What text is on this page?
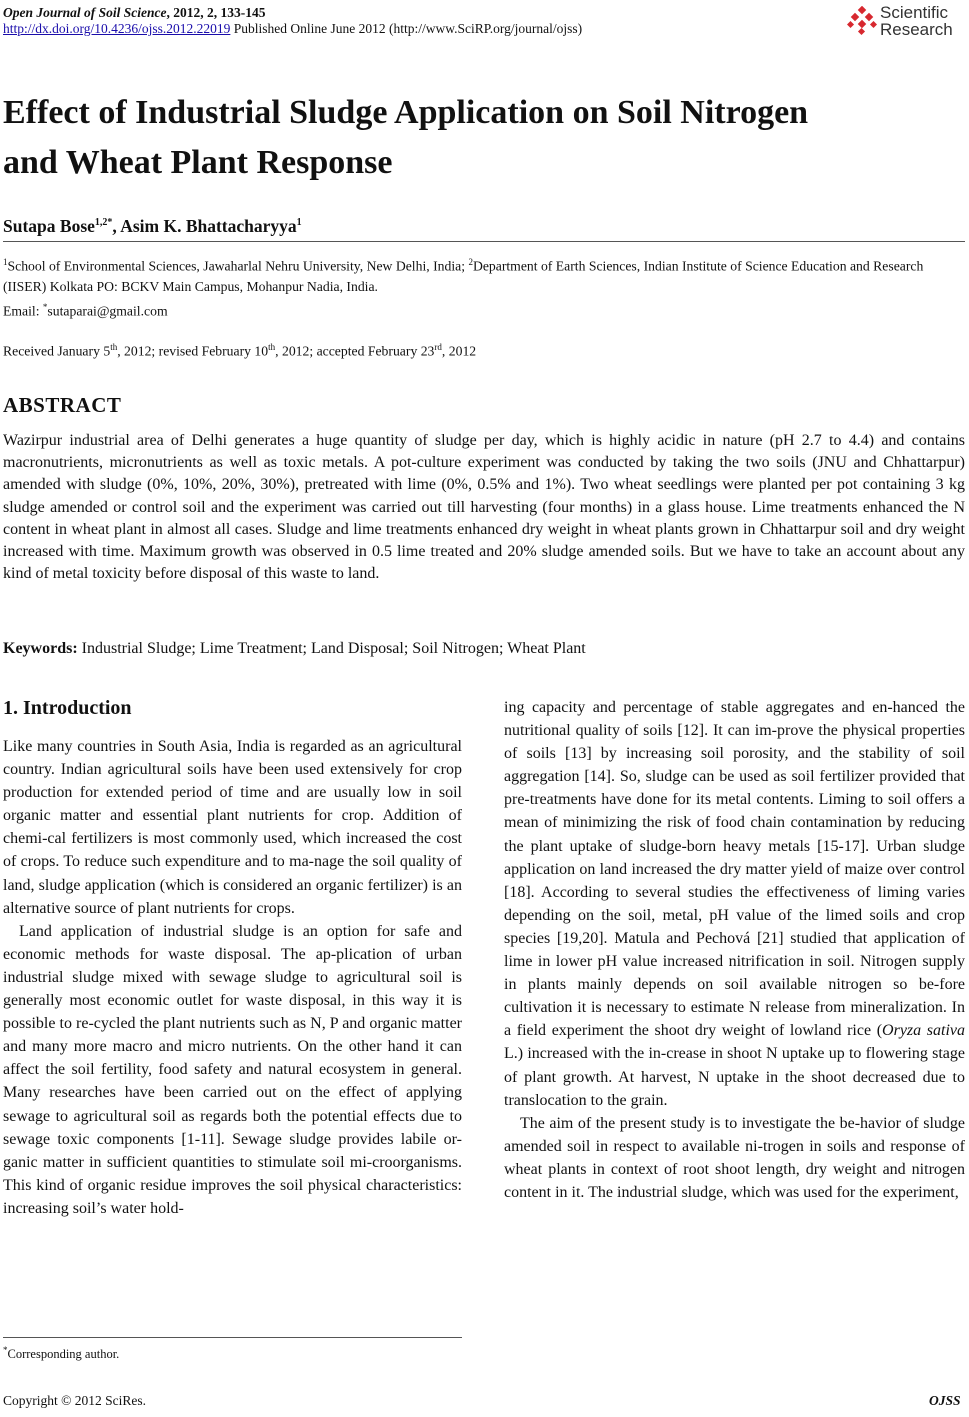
Open Journal of Soil Science, 2012, 2, 133-145
http://dx.doi.org/10.4236/ojss.2012.22019 Published Online June 2012 (http://www.SciRP.org/journal/ojss)
Scientific
Research
Effect of Industrial Sludge Application on Soil Nitrogen
and Wheat Plant Response
Sutapa Bose$^{1,2*}$, Asim K. Bhattacharyya$^1$
$^1$School of Environmental Sciences, Jawaharlal Nehru University, New Delhi, India; $^2$Department of Earth Sciences, Indian Institute of Science Education and Research (IISER) Kolkata PO: BCKV Main Campus, Mohanpur Nadia, India.
Email: *sutaparai@gmail.com
Received January 5th, 2012; revised February 10th, 2012; accepted February 23rd, 2012
ABSTRACT

Wazirpur industrial area of Delhi generates a huge quantity of sludge per day, which is highly acidic in nature (pH 2.7 to 4.4) and contains macronutrients, micronutrients as well as toxic metals. A pot-culture experiment was conducted by taking the two soils (JNU and Chhattarpur) amended with sludge (0%, 10%, 20%, 30%), pretreated with lime (0%, 0.5% and 1%). Two wheat seedlings were planted per pot containing 3 kg sludge amended or control soil and the experiment was carried out till harvesting (four months) in a glass house. Lime treatments enhanced the N content in wheat plant in almost all cases. Sludge and lime treatments enhanced dry weight in wheat plants grown in Chhattarpur soil and dry weight increased with time. Maximum growth was observed in 0.5 lime treated and 20% sludge amended soils. But we have to take an account about any kind of metal toxicity before disposal of this waste to land.

Keywords: Industrial Sludge; Lime Treatment; Land Disposal; Soil Nitrogen; Wheat Plant
1. Introduction

Like many countries in South Asia, India is regarded as an agricultural country. Indian agricultural soils have been used extensively for crop production for extended period of time and are usually low in soil organic matter and essential plant nutrients for crop. Addition of chemi-cal fertilizers is most commonly used, which increased the cost of crops. To reduce such expenditure and to ma-nage the soil quality of land, sludge application (which is considered an organic fertilizer) is an alternative source of plant nutrients for crops.

Land application of industrial sludge is an option for safe and economic methods for waste disposal. The ap-plication of urban industrial sludge mixed with sewage sludge to agricultural soil is generally most economic outlet for waste disposal, in this way it is possible to re-cycled the plant nutrients such as N, P and organic matter and many more macro and micro nutrients. On the other hand it can affect the soil fertility, food safety and natural ecosystem in general. Many researches have been carried out on the effect of applying sewage to agricultural soil as regards both the potential effects due to sewage toxic components [1-11]. Sewage sludge provides labile or-ganic matter in sufficient quantities to stimulate soil mi-croorganisms. This kind of organic residue improves the soil physical characteristics: increasing soil’s water hold-

ing capacity and percentage of stable aggregates and en-hanced the nutritional quality of soils [12]. It can im-prove the physical properties of soils [13] by increasing soil porosity, and the stability of soil aggregation [14]. So, sludge can be used as soil fertilizer provided that pre-treatments have done for its metal contents. Liming to soil offers a mean of minimizing the risk of food chain contamination by reducing the plant uptake of sludge-born heavy metals [15-17]. Urban sludge application on land increased the dry matter yield of maize over control [18]. According to several studies the effectiveness of liming varies depending on the soil, metal, pH value of the limed soils and crop species [19,20]. Matula and Pechová [21] studied that application of lime in lower pH value increased nitrification in soil. Nitrogen supply in plants mainly depends on soil available nitrogen so be-fore cultivation it is necessary to estimate N release from mineralization. In a field experiment the shoot dry weight of lowland rice (Oryza sativa L.) increased with the in-crease in shoot N uptake up to flowering stage of plant growth. At harvest, N uptake in the shoot decreased due to translocation to the grain.

The aim of the present study is to investigate the be-havior of sludge amended soil in respect to available ni-trogen in soils and response of wheat plants in context of root shoot length, dry weight and nitrogen content in it. The industrial sludge, which was used for the experiment,

*Corresponding author.
Copyright © 2012 SciRes.	OJSS
